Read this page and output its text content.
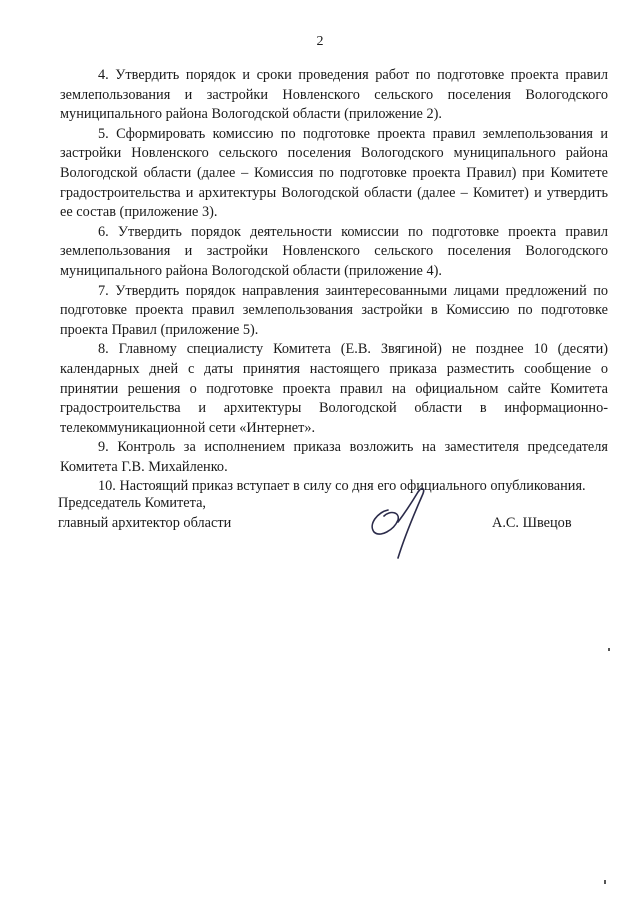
2

4. Утвердить порядок и сроки проведения работ по подготовке проекта правил землепользования и застройки Новленского сельского поселения Вологодского муниципального района Вологодской области (приложение 2).

5. Сформировать комиссию по подготовке проекта правил землепользования и застройки Новленского сельского поселения Вологодского муниципального района Вологодской области (далее – Комиссия по подготовке проекта Правил) при Комитете градостроительства и архитектуры Вологодской области (далее – Комитет) и утвердить ее состав (приложение 3).

6. Утвердить порядок деятельности комиссии по подготовке проекта правил землепользования и застройки Новленского сельского поселения Вологодского муниципального района Вологодской области (приложение 4).

7. Утвердить порядок направления заинтересованными лицами предложений по подготовке проекта правил землепользования застройки в Комиссию по подготовке проекта Правил (приложение 5).

8. Главному специалисту Комитета (Е.В. Звягиной) не позднее 10 (десяти) календарных дней с даты принятия настоящего приказа разместить сообщение о принятии решения о подготовке проекта правил на официальном сайте Комитета градостроительства и архитектуры Вологодской области в информационно-телекоммуникационной сети «Интернет».

9. Контроль за исполнением приказа возложить на заместителя председателя Комитета Г.В. Михайленко.

10. Настоящий приказ вступает в силу со дня его официального опубликования.

Председатель Комитета,
главный архитектор области	А.С. Швецов
